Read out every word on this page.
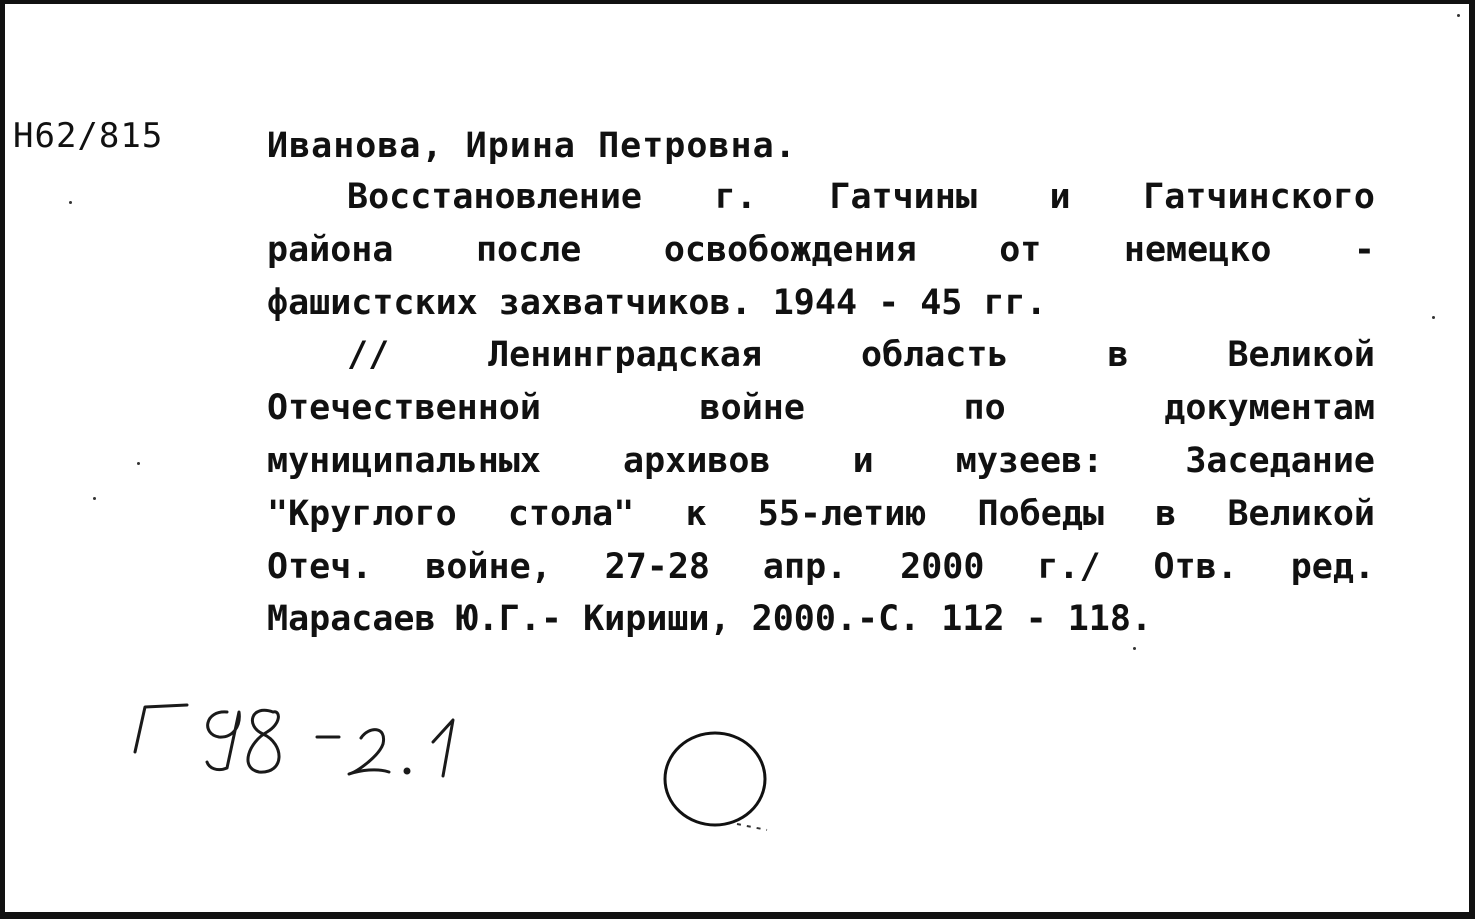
Н62/815	Иванова, Ирина Петровна.
Восстановление г. Гатчины и Гатчинского
района после освобождения от немецко -
фашистских захватчиков. 1944 - 45 гг.
// Ленинградская область в Великой
Отечественной войне по документам
муниципальных архивов и музеев: Заседание
"Круглого стола" к 55-летию Победы в Великой
Отеч. войне, 27-28 апр. 2000 г./ Отв. ред.
Марасаев Ю.Г.- Кириши, 2000.-С. 112 - 118.
